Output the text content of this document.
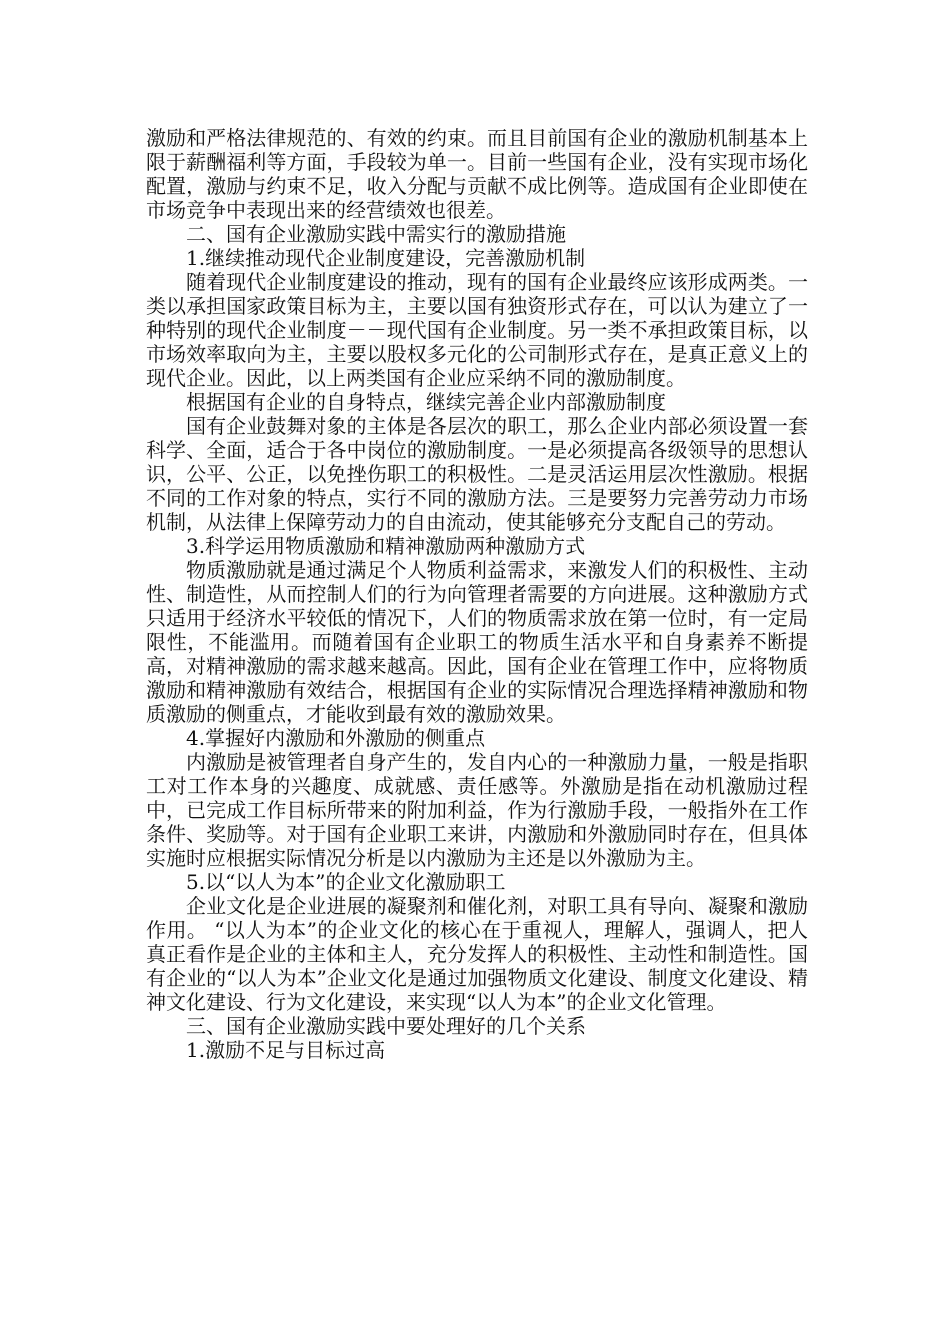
激励和严格法律规范的、有效的约束。而且目前国有企业的激励机制基本上限于薪酬福利等方面，手段较为单一。目前一些国有企业，没有实现市场化配置，激励与约束不足，收入分配与贡献不成比例等。造成国有企业即使在市场竞争中表现出来的经营绩效也很差。

二、国有企业激励实践中需实行的激励措施

1.继续推动现代企业制度建设，完善激励机制

随着现代企业制度建设的推动，现有的国有企业最终应该形成两类。一类以承担国家政策目标为主，主要以国有独资形式存在，可以认为建立了一种特别的现代企业制度－－现代国有企业制度。另一类不承担政策目标，以市场效率取向为主，主要以股权多元化的公司制形式存在，是真正意义上的现代企业。因此，以上两类国有企业应采纳不同的激励制度。

根据国有企业的自身特点，继续完善企业内部激励制度

国有企业鼓舞对象的主体是各层次的职工，那么企业内部必须设置一套科学、全面，适合于各中岗位的激励制度。一是必须提高各级领导的思想认识，公平、公正，以免挫伤职工的积极性。二是灵活运用层次性激励。根据不同的工作对象的特点，实行不同的激励方法。三是要努力完善劳动力市场机制，从法律上保障劳动力的自由流动，使其能够充分支配自己的劳动。

3.科学运用物质激励和精神激励两种激励方式

物质激励就是通过满足个人物质利益需求，来激发人们的积极性、主动性、制造性，从而控制人们的行为向管理者需要的方向进展。这种激励方式只适用于经济水平较低的情况下，人们的物质需求放在第一位时，有一定局限性，不能滥用。而随着国有企业职工的物质生活水平和自身素养不断提高，对精神激励的需求越来越高。因此，国有企业在管理工作中，应将物质激励和精神激励有效结合，根据国有企业的实际情况合理选择精神激励和物质激励的侧重点，才能收到最有效的激励效果。

4.掌握好内激励和外激励的侧重点

内激励是被管理者自身产生的，发自内心的一种激励力量，一般是指职工对工作本身的兴趣度、成就感、责任感等。外激励是指在动机激励过程中，已完成工作目标所带来的附加利益，作为行激励手段，一般指外在工作条件、奖励等。对于国有企业职工来讲，内激励和外激励同时存在，但具体实施时应根据实际情况分析是以内激励为主还是以外激励为主。

5.以“以人为本”的企业文化激励职工

企业文化是企业进展的凝聚剂和催化剂，对职工具有导向、凝聚和激励作用。 “以人为本”的企业文化的核心在于重视人，理解人，强调人，把人真正看作是企业的主体和主人，充分发挥人的积极性、主动性和制造性。国有企业的“以人为本”企业文化是通过加强物质文化建设、制度文化建设、精神文化建设、行为文化建设，来实现“以人为本”的企业文化管理。

三、国有企业激励实践中要处理好的几个关系

1.激励不足与目标过高
